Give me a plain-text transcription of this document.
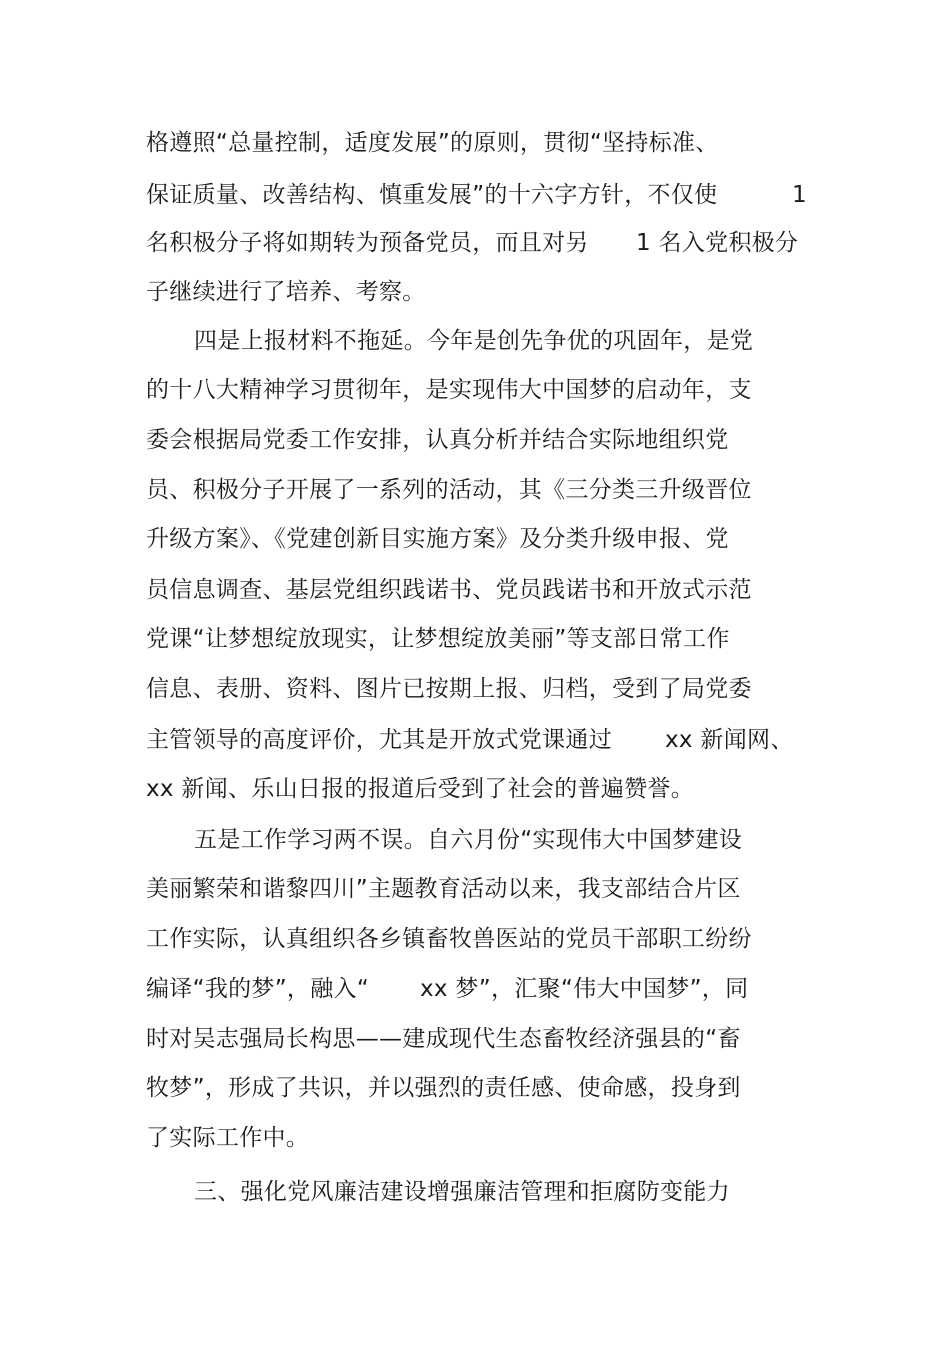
格遵照“总量控制，适度发展”的原则，贯彻“坚持标准、
保证质量、改善结构、慎重发展”的十六字方针，不仅使	1
名积极分子将如期转为预备党员，而且对另 1 名入党积极分
子继续进行了培养、考察。
四是上报材料不拖延。今年是创先争优的巩固年，是党
的十八大精神学习贯彻年，是实现伟大中国梦的启动年，支
委会根据局党委工作安排，认真分析并结合实际地组织党
员、积极分子开展了一系列的活动，其《三分类三升级晋位
升级方案》、《党建创新目实施方案》及分类升级申报、党
员信息调查、基层党组织践诺书、党员践诺书和开放式示范
党课“让梦想绽放现实，让梦想绽放美丽”等支部日常工作
信息、表册、资料、图片已按期上报、归档，受到了局党委
主管领导的高度评价，尤其是开放式党课通过 xx 新闻网、
xx 新闻、乐山日报的报道后受到了社会的普遍赞誉。
五是工作学习两不误。自六月份“实现伟大中国梦建设
美丽繁荣和谐黎四川”主题教育活动以来，我支部结合片区
工作实际，认真组织各乡镇畜牧兽医站的党员干部职工纷纷
编译“我的梦”，融入“ xx 梦”，汇聚“伟大中国梦”，同
时对吴志强局长构思——建成现代生态畜牧经济强县的“畜
牧梦”，形成了共识，并以强烈的责任感、使命感，投身到
了实际工作中。
三、强化党风廉洁建设增强廉洁管理和拒腐防变能力
